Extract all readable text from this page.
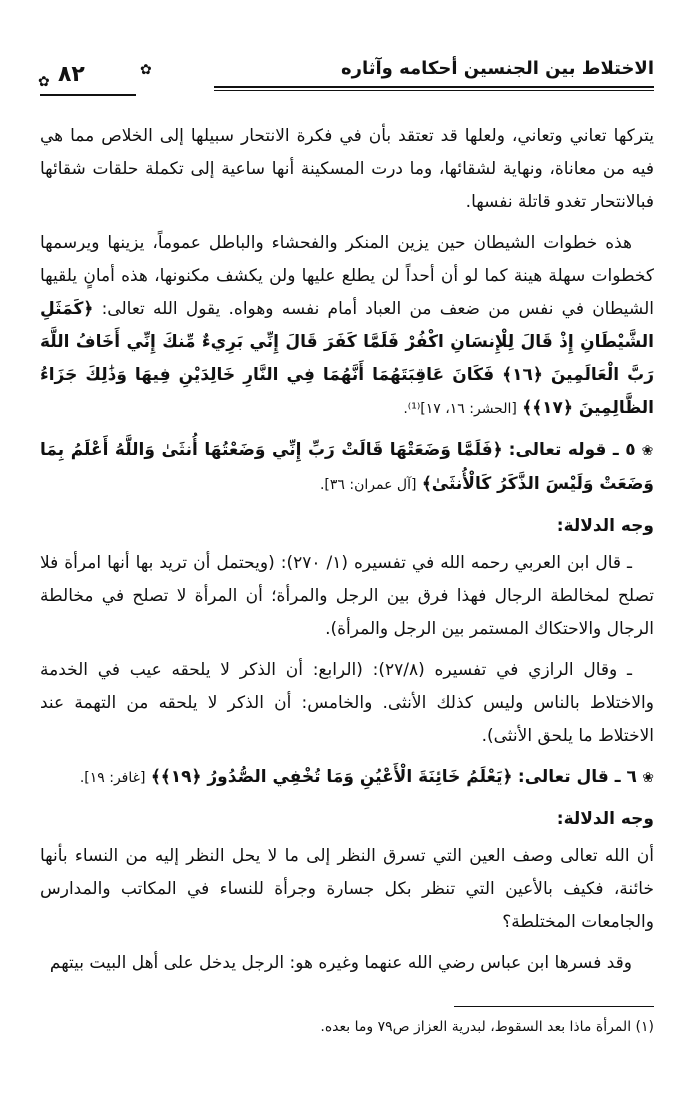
الاختلاط بين الجنسين أحكامه وآثاره
٨٢	✿
✿

يتركها تعاني وتعاني، ولعلها قد تعتقد بأن في فكرة الانتحار سبيلها إلى الخلاص مما هي فيه من معاناة، ونهاية لشقائها، وما درت المسكينة أنها ساعية إلى تكملة حلقات شقائها فبالانتحار تغدو قاتلة نفسها.

هذه خطوات الشيطان حين يزين المنكر والفحشاء والباطل عموماً، يزينها ويرسمها كخطوات سهلة هينة كما لو أن أحداً لن يطلع عليها ولن يكشف مكنونها، هذه أمانٍ يلقيها الشيطان في نفس من ضعف من العباد أمام نفسه وهواه. يقول الله تعالى: ﴿كَمَثَلِ الشَّيْطَانِ إِذْ قَالَ لِلْإِنسَانِ اكْفُرْ فَلَمَّا كَفَرَ قَالَ إِنِّي بَرِيءٌ مِّنكَ إِنِّي أَخَافُ اللَّهَ رَبَّ الْعَالَمِينَ ﴿١٦﴾ فَكَانَ عَاقِبَتَهُمَا أَنَّهُمَا فِي النَّارِ خَالِدَيْنِ فِيهَا وَذَٰلِكَ جَزَاءُ الظَّالِمِينَ ﴿١٧﴾﴾ [الحشر: ١٦، ١٧]⁽¹⁾.

❀ ٥ ـ قوله تعالى: ﴿فَلَمَّا وَضَعَتْهَا قَالَتْ رَبِّ إِنِّي وَضَعْتُهَا أُنثَىٰ وَاللَّهُ أَعْلَمُ بِمَا وَضَعَتْ وَلَيْسَ الذَّكَرُ كَالْأُنثَىٰ﴾ [آل عمران: ٣٦].

وجه الدلالة:

ـ قال ابن العربي رحمه الله في تفسيره (١/ ٢٧٠): (ويحتمل أن تريد بها أنها امرأة فلا تصلح لمخالطة الرجال فهذا فرق بين الرجل والمرأة؛ أن المرأة لا تصلح في مخالطة الرجال والاحتكاك المستمر بين الرجل والمرأة).

ـ وقال الرازي في تفسيره (٢٧/٨): (الرابع: أن الذكر لا يلحقه عيب في الخدمة والاختلاط بالناس وليس كذلك الأنثى. والخامس: أن الذكر لا يلحقه من التهمة عند الاختلاط ما يلحق الأنثى).

❀ ٦ ـ قال تعالى: ﴿يَعْلَمُ خَائِنَةَ الْأَعْيُنِ وَمَا تُخْفِي الصُّدُورُ ﴿١٩﴾﴾ [غافر: ١٩].

وجه الدلالة:

أن الله تعالى وصف العين التي تسرق النظر إلى ما لا يحل النظر إليه من النساء بأنها خائنة، فكيف بالأعين التي تنظر بكل جسارة وجرأة للنساء في المكاتب والمدارس والجامعات المختلطة؟

وقد فسرها ابن عباس رضي الله عنهما وغيره هو: الرجل يدخل على أهل البيت بيتهم

(١) المرأة ماذا بعد السقوط، لبدرية العزاز ص٧٩ وما بعده.
